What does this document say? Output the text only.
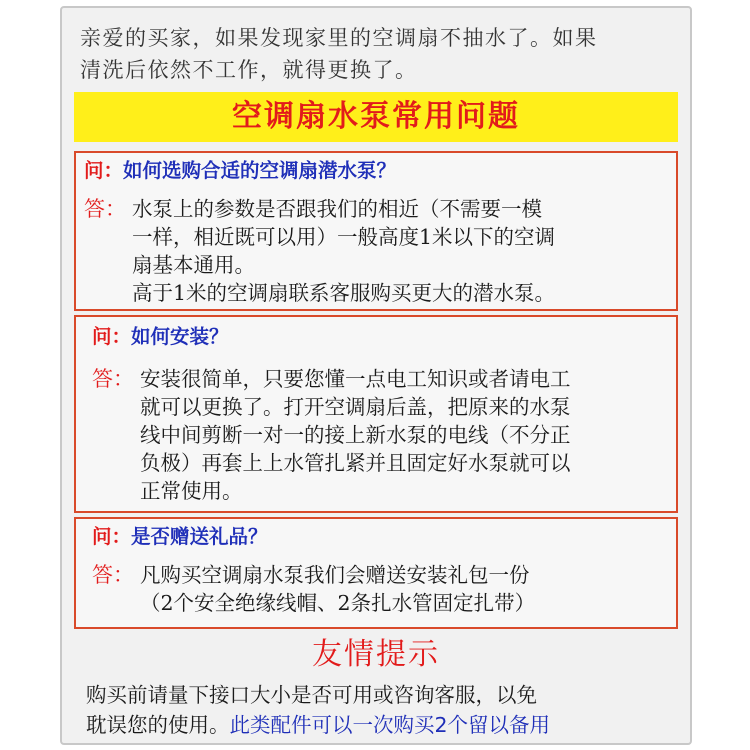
亲爱的买家，如果发现家里的空调扇不抽水了。如果
清洗后依然不工作，就得更换了。
空调扇水泵常用问题
问：如何选购合适的空调扇潜水泵？
答： 水泵上的参数是否跟我们的相近（不需要一模
一样，相近既可以用）一般高度1米以下的空调
扇基本通用。
高于1米的空调扇联系客服购买更大的潜水泵。
问：如何安装？
答： 安装很简单，只要您懂一点电工知识或者请电工
就可以更换了。打开空调扇后盖，把原来的水泵
线中间剪断一对一的接上新水泵的电线（不分正
负极）再套上上水管扎紧并且固定好水泵就可以
正常使用。
问：是否赠送礼品？
答： 凡购买空调扇水泵我们会赠送安装礼包一份
（2个安全绝缘线帽、2条扎水管固定扎带）
友情提示
购买前请量下接口大小是否可用或咨询客服，以免
耽误您的使用。此类配件可以一次购买2个留以备用
